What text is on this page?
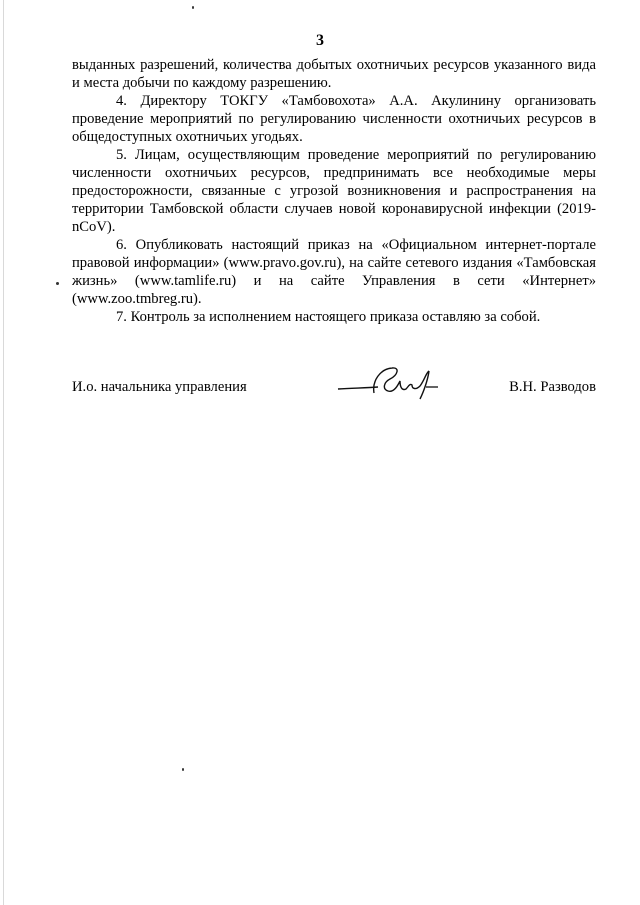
3

выданных разрешений, количества добытых охотничьих ресурсов указанного вида и места добычи по каждому разрешению.

4. Директору ТОКГУ «Тамбовохота» А.А. Акулинину организовать проведение мероприятий по регулированию численности охотничьих ресурсов в общедоступных охотничьих угодьях.

5. Лицам, осуществляющим проведение мероприятий по регулированию численности охотничьих ресурсов, предпринимать все необходимые меры предосторожности, связанные с угрозой возникновения и распространения на территории Тамбовской области случаев новой коронавирусной инфекции (2019-nCoV).

6. Опубликовать настоящий приказ на «Официальном интернет-портале правовой информации» (www.pravo.gov.ru), на сайте сетевого издания «Тамбовская жизнь» (www.tamlife.ru) и на сайте Управления в сети «Интернет» (www.zoo.tmbreg.ru).

7. Контроль за исполнением настоящего приказа оставляю за собой.

И.о. начальника управления	В.Н. Разводов
